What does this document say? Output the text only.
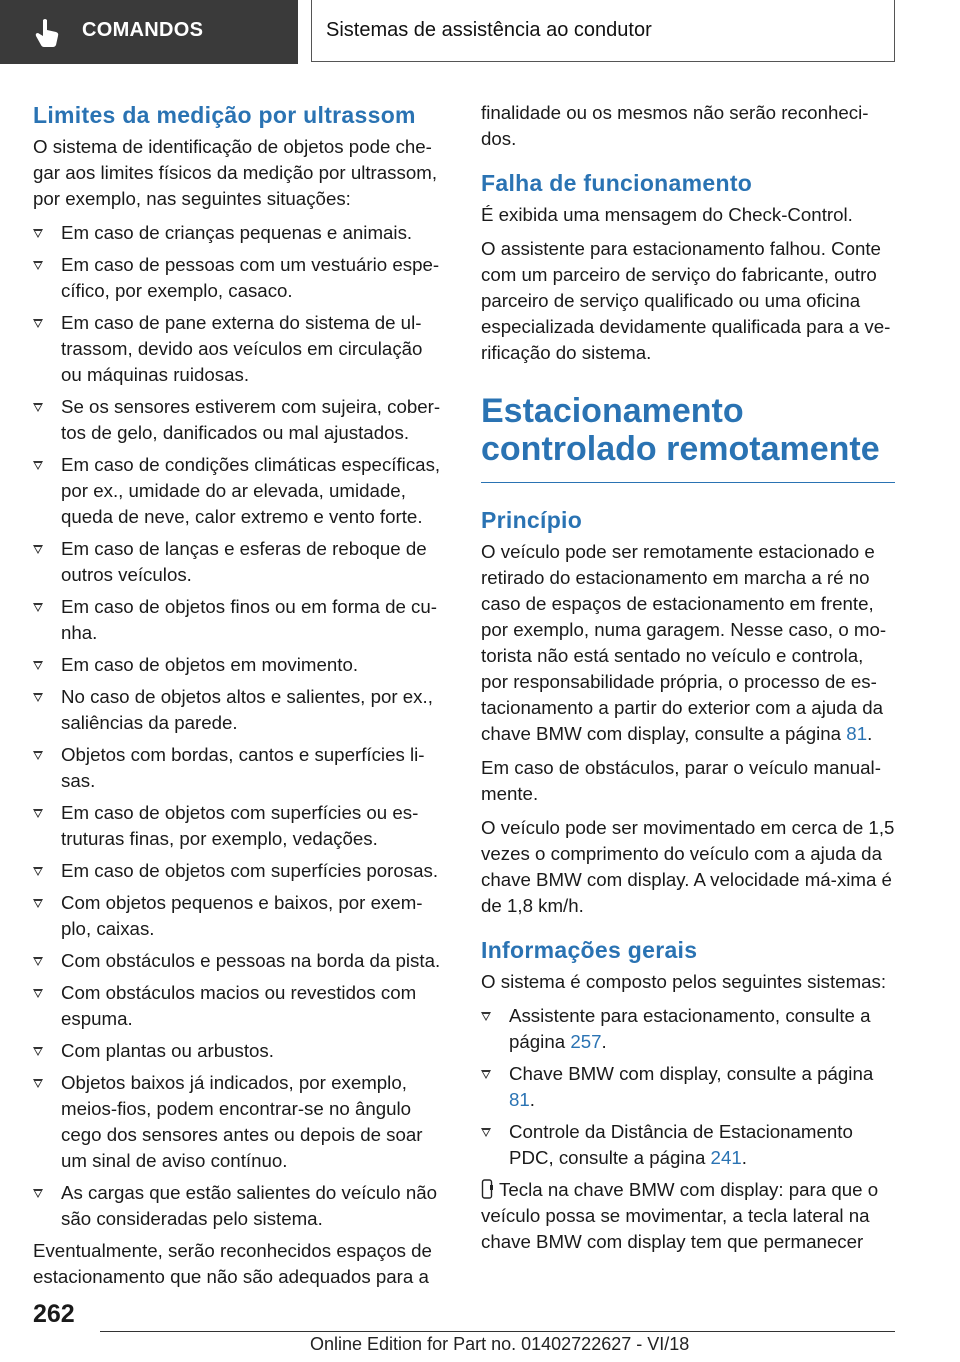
COMANDOS	Sistemas de assistência ao condutor
Limites da medição por ultrassom

O sistema de identificação de objetos pode che-gar aos limites físicos da medição por ultrassom, por exemplo, nas seguintes situações:

Em caso de crianças pequenas e animais.
Em caso de pessoas com um vestuário espe-cífico, por exemplo, casaco.
Em caso de pane externa do sistema de ul-trassom, devido aos veículos em circulação ou máquinas ruidosas.
Se os sensores estiverem com sujeira, cober-tos de gelo, danificados ou mal ajustados.
Em caso de condições climáticas específicas, por ex., umidade do ar elevada, umidade, queda de neve, calor extremo e vento forte.
Em caso de lanças e esferas de reboque de outros veículos.
Em caso de objetos finos ou em forma de cu-nha.
Em caso de objetos em movimento.
No caso de objetos altos e salientes, por ex., saliências da parede.
Objetos com bordas, cantos e superfícies li-sas.
Em caso de objetos com superfícies ou es-truturas finas, por exemplo, vedações.
Em caso de objetos com superfícies porosas.
Com objetos pequenos e baixos, por exem-plo, caixas.
Com obstáculos e pessoas na borda da pista.
Com obstáculos macios ou revestidos com espuma.
Com plantas ou arbustos.
Objetos baixos já indicados, por exemplo, meios-fios, podem encontrar-se no ângulo cego dos sensores antes ou depois de soar um sinal de aviso contínuo.
As cargas que estão salientes do veículo não são consideradas pelo sistema.

Eventualmente, serão reconhecidos espaços de estacionamento que não são adequados para a

finalidade ou os mesmos não serão reconheci-dos.

Falha de funcionamento

É exibida uma mensagem do Check-Control.

O assistente para estacionamento falhou. Conte com um parceiro de serviço do fabricante, outro parceiro de serviço qualificado ou uma oficina especializada devidamente qualificada para a ve-rificação do sistema.

Estacionamento controlado remotamente
Princípio

O veículo pode ser remotamente estacionado e retirado do estacionamento em marcha a ré no caso de espaços de estacionamento em frente, por exemplo, numa garagem. Nesse caso, o mo-torista não está sentado no veículo e controla, por responsabilidade própria, o processo de es-tacionamento a partir do exterior com a ajuda da chave BMW com display, consulte a página 81.

Em caso de obstáculos, parar o veículo manual-mente.

O veículo pode ser movimentado em cerca de 1,5 vezes o comprimento do veículo com a ajuda da chave BMW com display. A velocidade má-xima é de 1,8 km/h.

Informações gerais

O sistema é composto pelos seguintes sistemas:

Assistente para estacionamento, consulte a página 257.
Chave BMW com display, consulte a página 81.
Controle da Distância de Estacionamento PDC, consulte a página 241.

Tecla na chave BMW com display: para que o veículo possa se movimentar, a tecla lateral na chave BMW com display tem que permanecer

262
Online Edition for Part no. 01402722627 - VI/18
